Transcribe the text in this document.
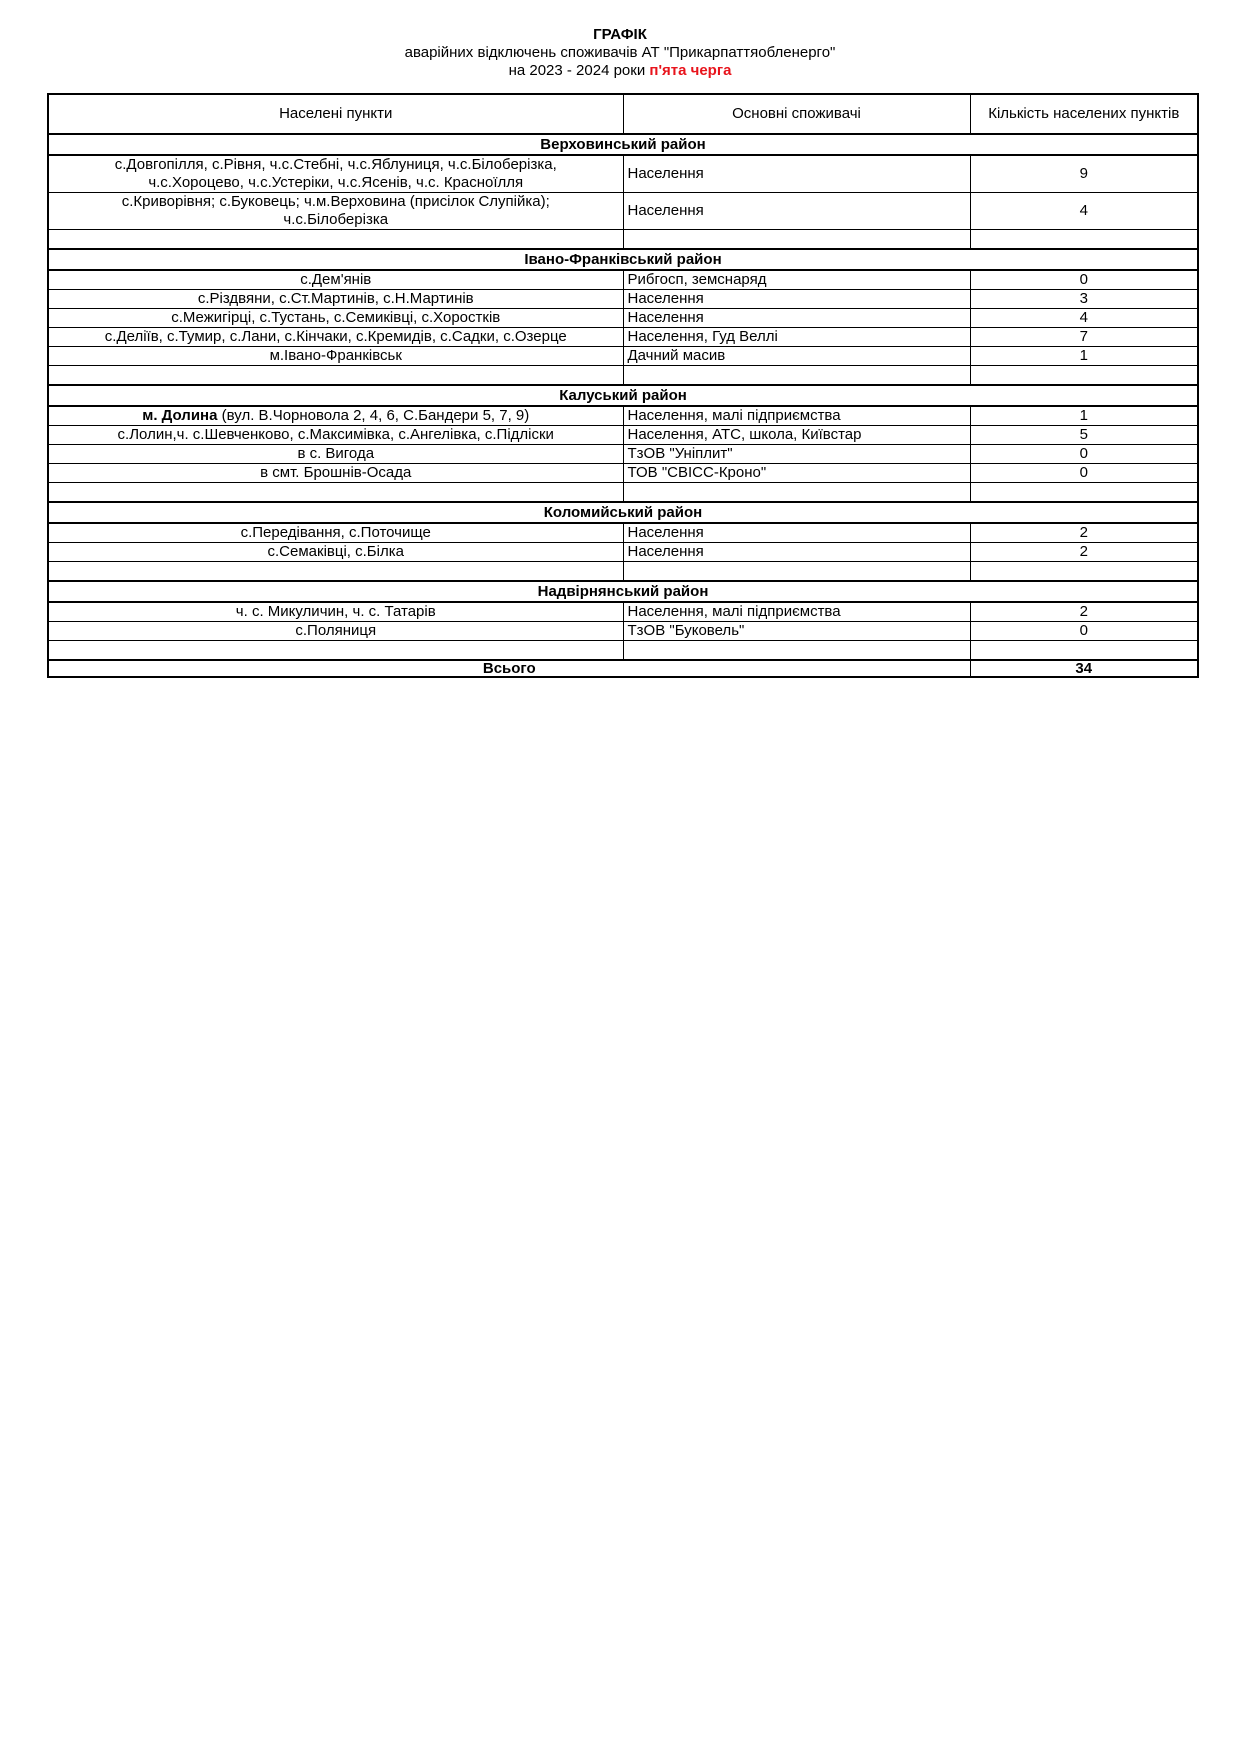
ГРАФІК
аварійних відключень споживачів АТ "Прикарпаттяобленерго"
на 2023 - 2024 роки п'ята черга
Населені пункти	Основні споживачі	Кількість населених пунктів
Верховинський район		

с.Довгопілля, с.Рівня, ч.с.Стебні, ч.с.Яблуниця, ч.с.Білоберізка,
ч.с.Хороцево, ч.с.Устеріки, ч.с.Ясенів, ч.с. Красноїлля	Населення	9

с.Криворівня; с.Буковець; ч.м.Верховина (присілок Слупійка);
ч.с.Білоберізка	Населення	4

Івано-Франківський район		
с.Дем'янів	Рибгосп, земснаряд	0
с.Різдвяни, с.Ст.Мартинів, с.Н.Мартинів	Населення	3
с.Межигірці, с.Тустань, с.Семиківці, с.Хоростків	Населення	4
с.Деліїв, с.Тумир, с.Лани, с.Кінчаки, с.Кремидів, с.Садки, с.Озерце	Населення, Гуд Веллі	7
м.Івано-Франківськ	Дачний масив	1

Калуський район		
м. Долина (вул. В.Чорновола 2, 4, 6, С.Бандери 5, 7, 9)	Населення, малі підприємства	1
с.Лолин,ч. с.Шевченково, с.Максимівка, с.Ангелівка, с.Підліски	Населення, АТС, школа, Київстар	5
в с. Вигода	ТзОВ "Уніплит"	0
в смт. Брошнів-Осада	ТОВ "СВІСС-Кроно"	0

Коломийський район		
с.Передівання, с.Поточище	Населення	2
с.Семаківці, с.Білка	Населення	2

Надвірнянський район		
ч. с. Микуличин, ч. с. Татарів	Населення, малі підприємства	2
с.Поляниця	ТзОВ "Буковель"	0

Всього		34
